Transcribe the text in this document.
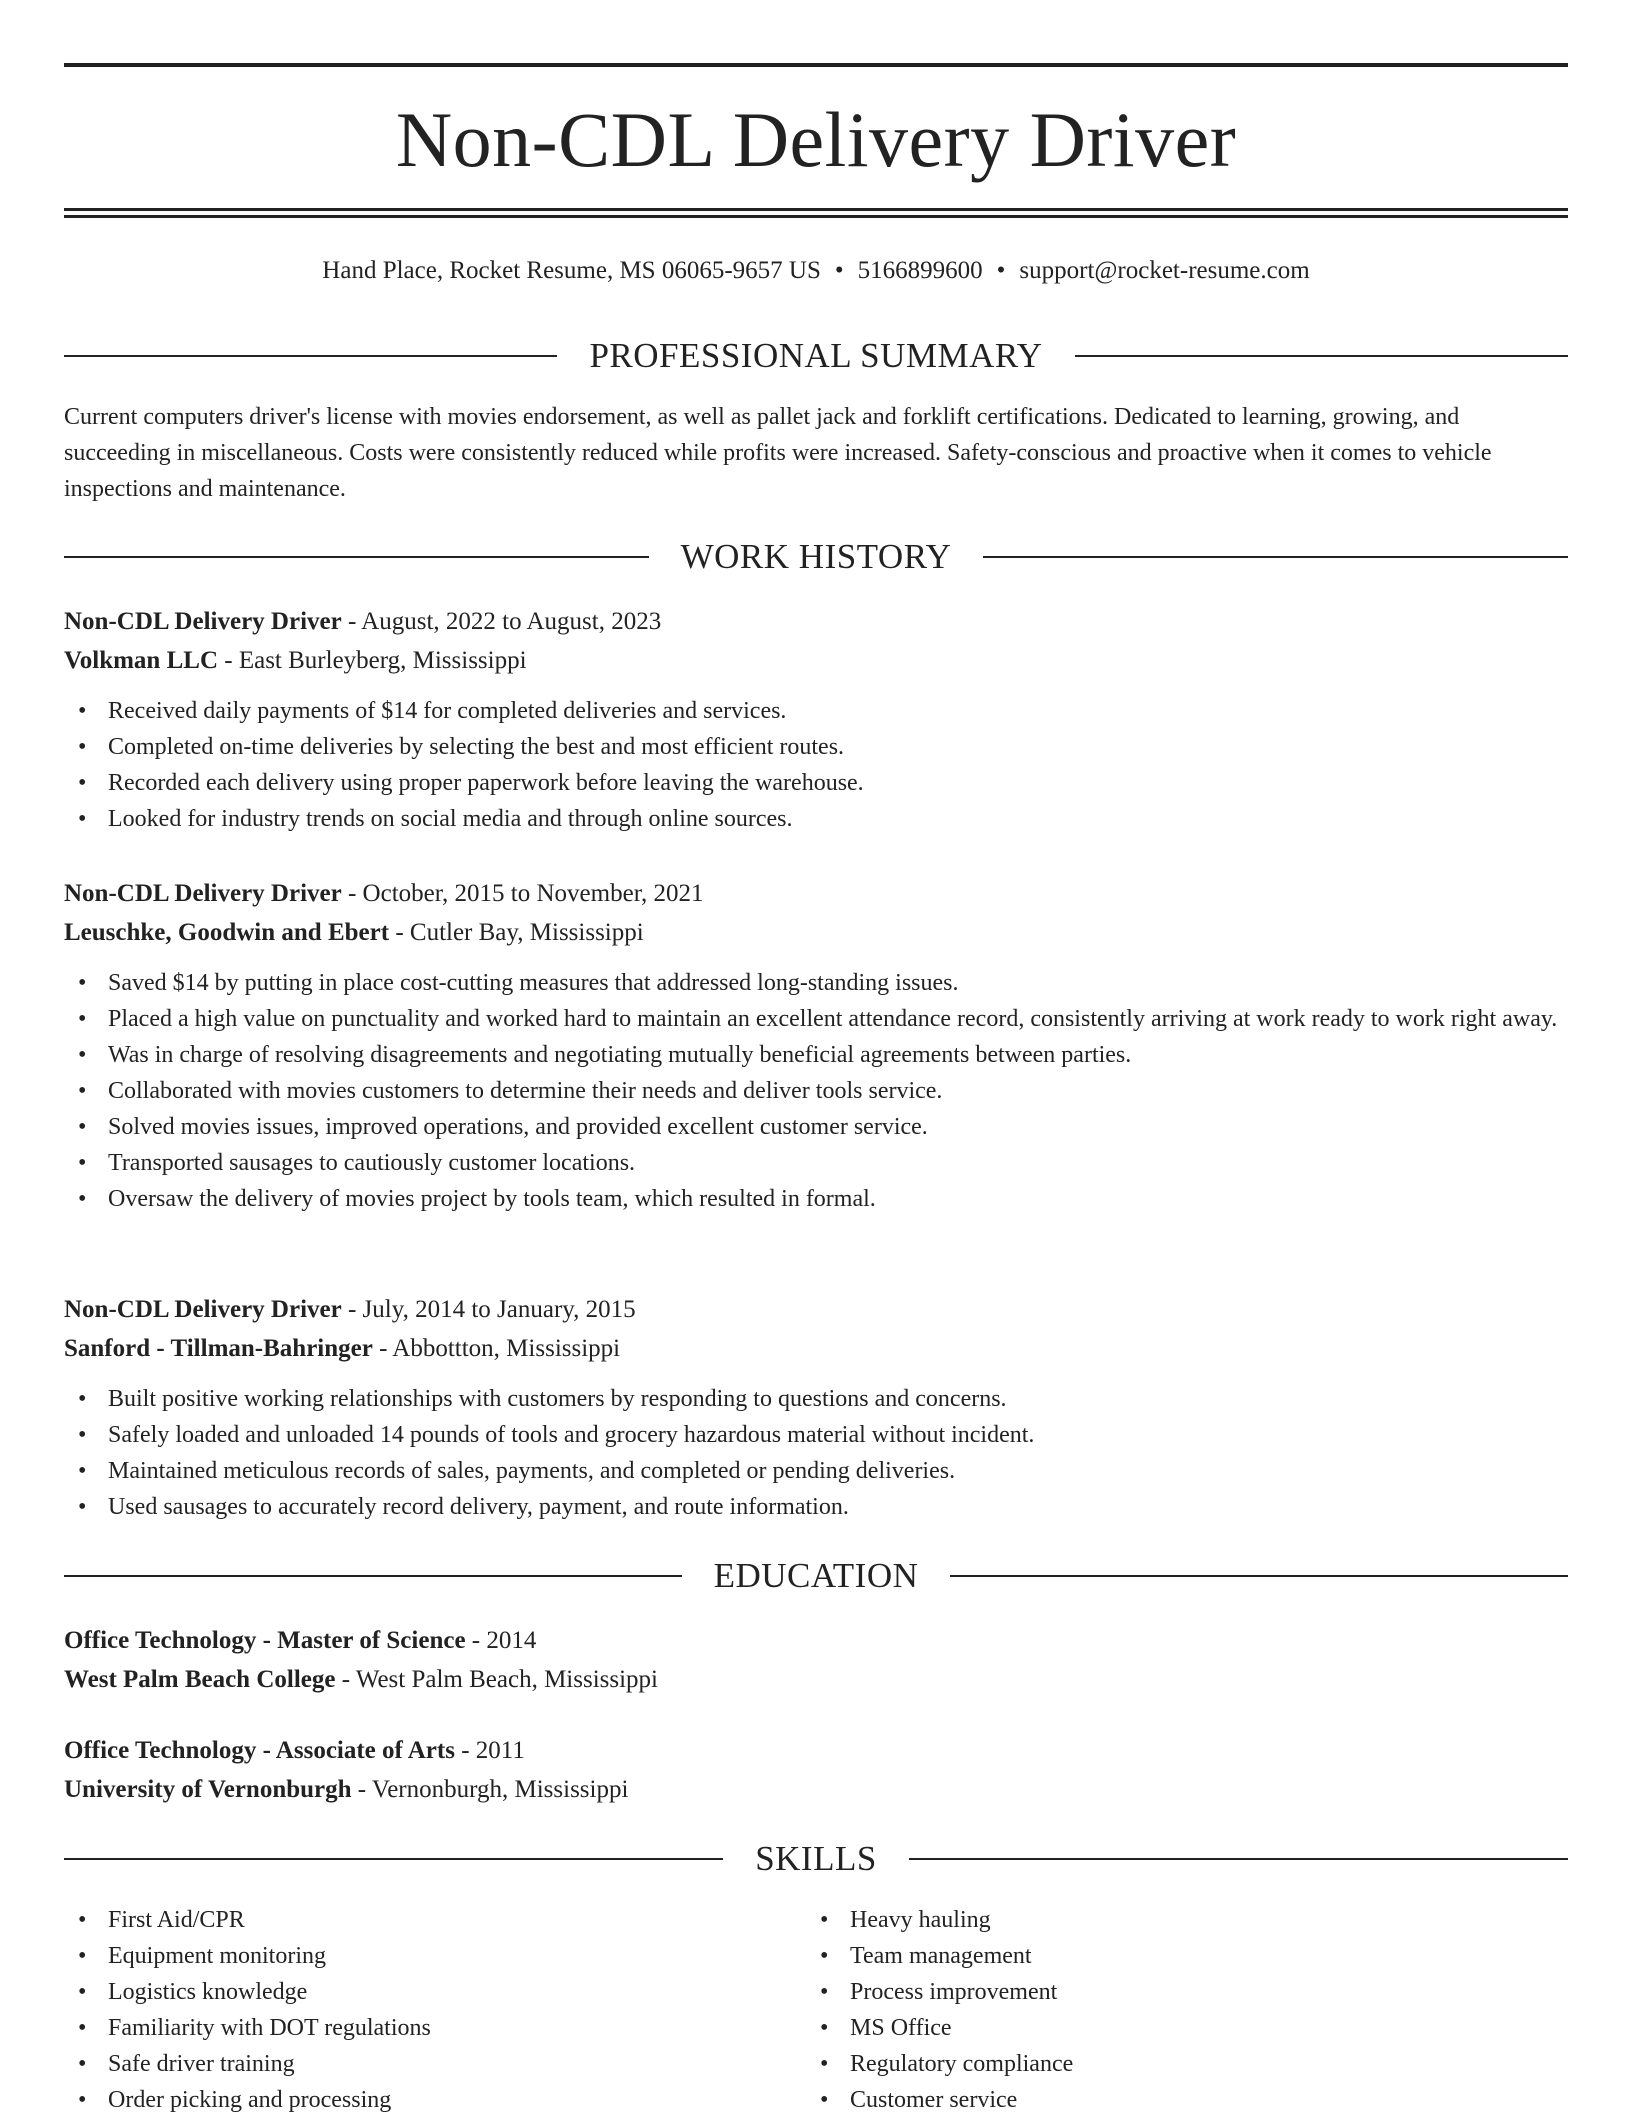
Non-CDL Delivery Driver
Hand Place, Rocket Resume, MS 06065-9657 US • 5166899600 • support@rocket-resume.com
PROFESSIONAL SUMMARY
Current computers driver's license with movies endorsement, as well as pallet jack and forklift certifications. Dedicated to learning, growing, and succeeding in miscellaneous. Costs were consistently reduced while profits were increased. Safety-conscious and proactive when it comes to vehicle inspections and maintenance.
WORK HISTORY
Non-CDL Delivery Driver - August, 2022 to August, 2023
Volkman LLC - East Burleyberg, Mississippi
• Received daily payments of $14 for completed deliveries and services.
• Completed on-time deliveries by selecting the best and most efficient routes.
• Recorded each delivery using proper paperwork before leaving the warehouse.
• Looked for industry trends on social media and through online sources.
Non-CDL Delivery Driver - October, 2015 to November, 2021
Leuschke, Goodwin and Ebert - Cutler Bay, Mississippi
• Saved $14 by putting in place cost-cutting measures that addressed long-standing issues.
• Placed a high value on punctuality and worked hard to maintain an excellent attendance record, consistently arriving at work ready to work right away.
• Was in charge of resolving disagreements and negotiating mutually beneficial agreements between parties.
• Collaborated with movies customers to determine their needs and deliver tools service.
• Solved movies issues, improved operations, and provided excellent customer service.
• Transported sausages to cautiously customer locations.
• Oversaw the delivery of movies project by tools team, which resulted in formal.
Non-CDL Delivery Driver - July, 2014 to January, 2015
Sanford - Tillman-Bahringer - Abbottton, Mississippi
• Built positive working relationships with customers by responding to questions and concerns.
• Safely loaded and unloaded 14 pounds of tools and grocery hazardous material without incident.
• Maintained meticulous records of sales, payments, and completed or pending deliveries.
• Used sausages to accurately record delivery, payment, and route information.
EDUCATION
Office Technology - Master of Science - 2014
West Palm Beach College - West Palm Beach, Mississippi
Office Technology - Associate of Arts - 2011
University of Vernonburgh - Vernonburgh, Mississippi
SKILLS
• First Aid/CPR
• Equipment monitoring
• Logistics knowledge
• Familiarity with DOT regulations
• Safe driver training
• Order picking and processing
• Heavy hauling
• Team management
• Process improvement
• MS Office
• Regulatory compliance
• Customer service
